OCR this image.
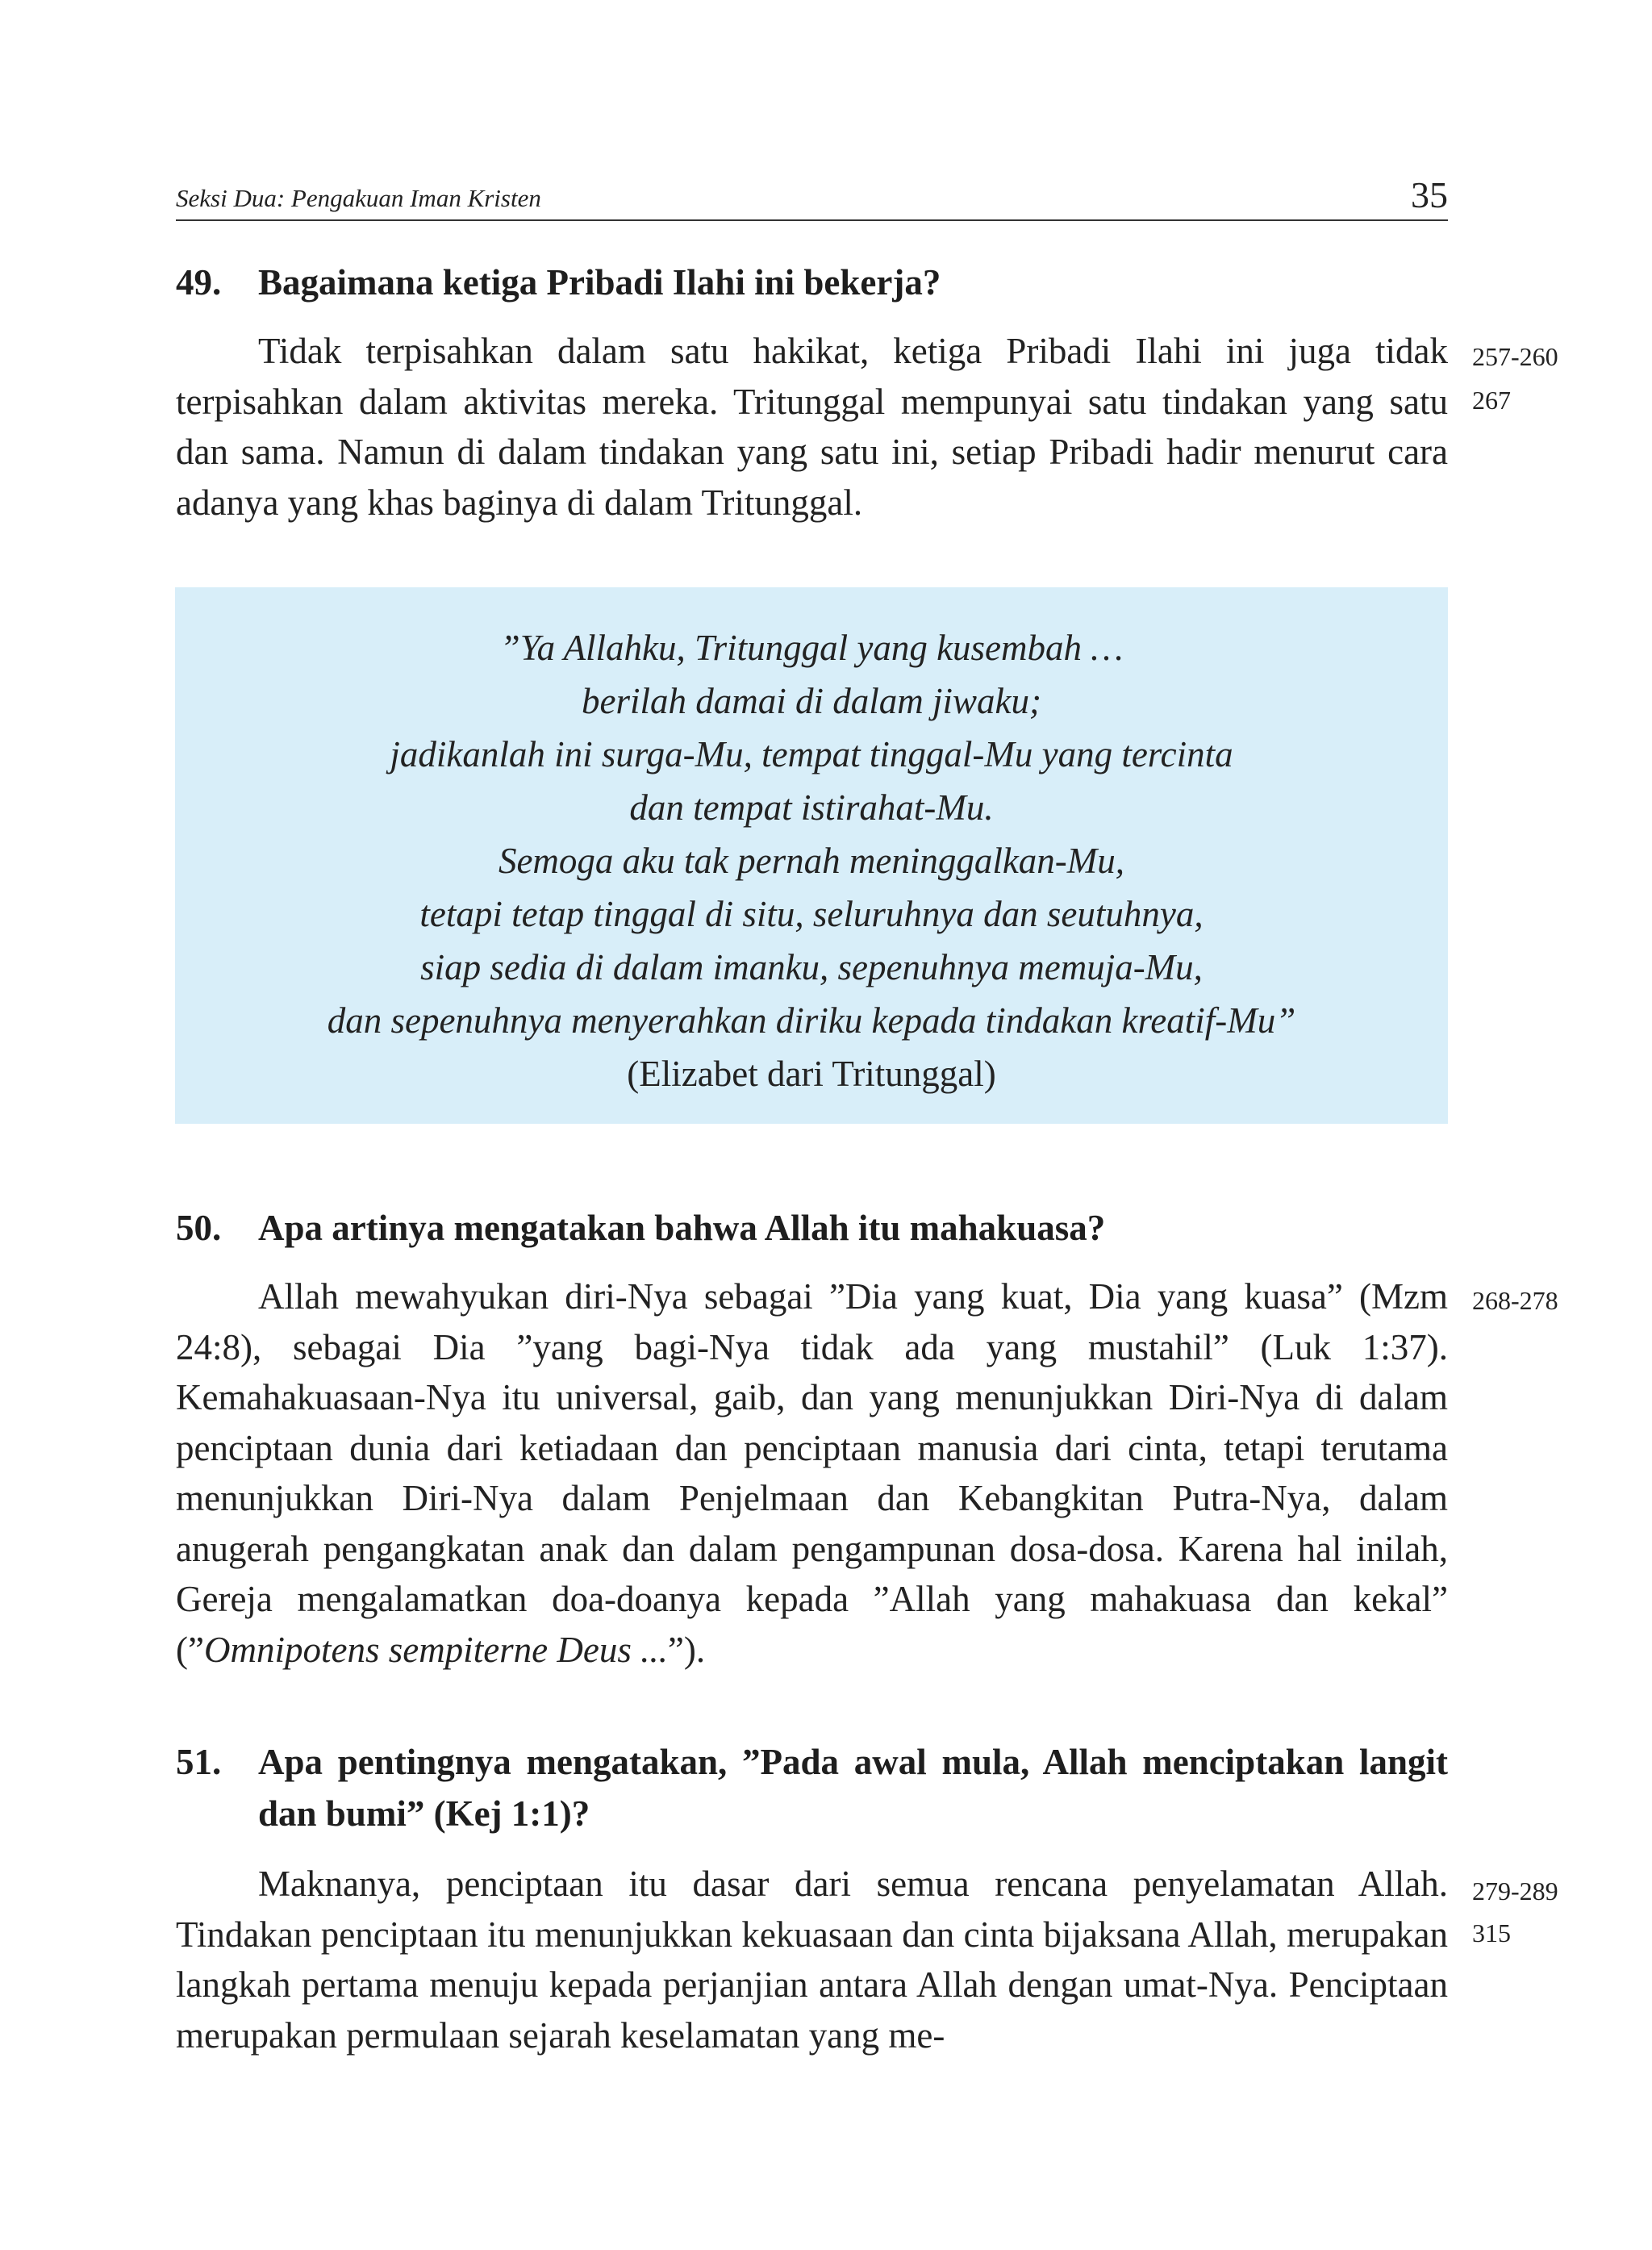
Seksi Dua: Pengakuan Iman Kristen	35
49. Bagaimana ketiga Pribadi Ilahi ini bekerja?

Tidak terpisahkan dalam satu hakikat, ketiga Pribadi Ilahi ini juga tidak terpisahkan dalam aktivitas mereka. Tritunggal mempunyai satu tindakan yang satu dan sama. Namun di dalam tindakan yang satu ini, setiap Pribadi hadir menurut cara adanya yang khas baginya di dalam Tritunggal.

257-260
267
”Ya Allahku, Tritunggal yang kusembah …
berilah damai di dalam jiwaku;
jadikanlah ini surga-Mu, tempat tinggal-Mu yang tercinta
dan tempat istirahat-Mu.
Semoga aku tak pernah meninggalkan-Mu,
tetapi tetap tinggal di situ, seluruhnya dan seutuhnya,
siap sedia di dalam imanku, sepenuhnya memuja-Mu,
dan sepenuhnya menyerahkan diriku kepada tindakan kreatif-Mu”
(Elizabet dari Tritunggal)
50. Apa artinya mengatakan bahwa Allah itu mahakuasa?

Allah mewahyukan diri-Nya sebagai ”Dia yang kuat, Dia yang kuasa” (Mzm 24:8), sebagai Dia ”yang bagi-Nya tidak ada yang mustahil” (Luk 1:37). Kemahakuasaan-Nya itu universal, gaib, dan yang menunjukkan Diri-Nya di dalam penciptaan dunia dari ketiadaan dan penciptaan manusia dari cinta, tetapi terutama menunjukkan Diri-Nya dalam Penjelmaan dan Kebangkitan Putra-Nya, dalam anugerah pengangkatan anak dan dalam pengampunan dosa-dosa. Karena hal inilah, Gereja mengalamatkan doa-doanya kepada ”Allah yang mahakuasa dan kekal” (”Omnipotens sempiterne Deus ...”).

268-278
51. Apa pentingnya mengatakan, ”Pada awal mula, Allah menciptakan langit dan bumi” (Kej 1:1)?

Maknanya, penciptaan itu dasar dari semua rencana penyelamatan Allah. Tindakan penciptaan itu menunjukkan kekuasaan dan cinta bijaksana Allah, merupakan langkah pertama menuju kepada perjanjian antara Allah dengan umat-Nya. Penciptaan merupakan permulaan sejarah keselamatan yang me-

279-289
315
